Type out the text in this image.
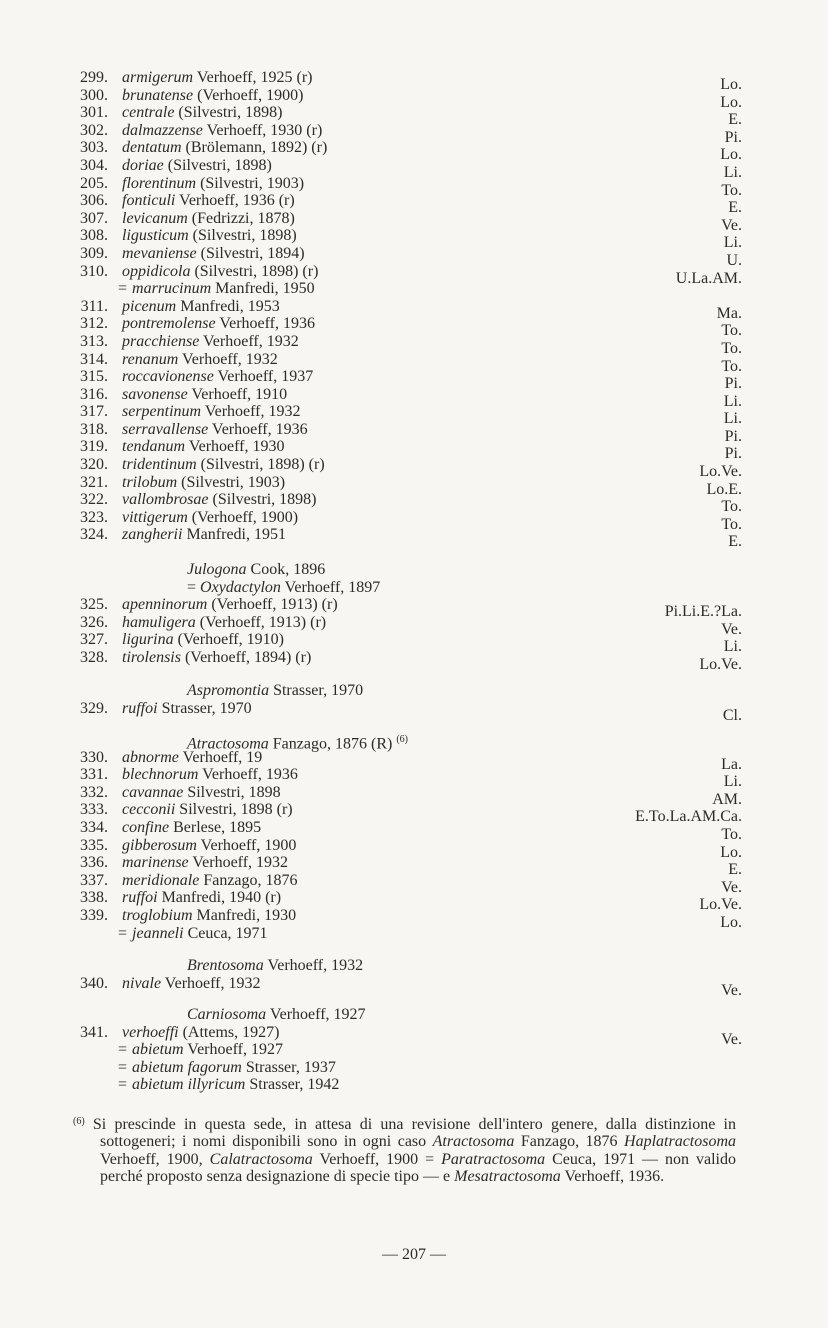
299. armigerum Verhoeff, 1925 (r)	Lo.
300. brunatense (Verhoeff, 1900)	Lo.
301. centrale (Silvestri, 1898)	E.
302. dalmazzense Verhoeff, 1930 (r)	Pi.
303. dentatum (Brölemann, 1892) (r)	Lo.
304. doriae (Silvestri, 1898)	Li.
205. florentinum (Silvestri, 1903)	To.
306. fonticuli Verhoeff, 1936 (r)	E.
307. levicanum (Fedrizzi, 1878)	Ve.
308. ligusticum (Silvestri, 1898)	Li.
309. mevaniense (Silvestri, 1894)	U.
310. oppidicola (Silvestri, 1898) (r)	U.La.AM.
= marrucinum Manfredi, 1950
311. picenum Manfredi, 1953	Ma.
312. pontremolense Verhoeff, 1936	To.
313. pracchiense Verhoeff, 1932	To.
314. renanum Verhoeff, 1932	To.
315. roccavionense Verhoeff, 1937	Pi.
316. savonense Verhoeff, 1910	Li.
317. serpentinum Verhoeff, 1932	Li.
318. serravallense Verhoeff, 1936	Pi.
319. tendanum Verhoeff, 1930	Pi.
320. tridentinum (Silvestri, 1898) (r)	Lo.Ve.
321. trilobum (Silvestri, 1903)	Lo.E.
322. vallombrosae (Silvestri, 1898)	To.
323. vittigerum (Verhoeff, 1900)	To.
324. zangherii Manfredi, 1951	E.
Julogona Cook, 1896
= Oxydactylon Verhoeff, 1897
325. apenninorum (Verhoeff, 1913) (r)	Pi.Li.E.?La.
326. hamuligera (Verhoeff, 1913) (r)	Ve.
327. ligurina (Verhoeff, 1910)	Li.
328. tirolensis (Verhoeff, 1894) (r)	Lo.Ve.
Aspromontia Strasser, 1970
329. ruffoi Strasser, 1970	Cl.
Atractosoma Fanzago, 1876 (R) $^{(6)}$
330. abnorme Verhoeff, 19	La.
331. blechnorum Verhoeff, 1936	Li.
332. cavannae Silvestri, 1898	AM.
333. cecconii Silvestri, 1898 (r)	E.To.La.AM.Ca.
334. confine Berlese, 1895	To.
335. gibberosum Verhoeff, 1900	Lo.
336. marinense Verhoeff, 1932	E.
337. meridionale Fanzago, 1876	Ve.
338. ruffoi Manfredi, 1940 (r)	Lo.Ve.
339. troglobium Manfredi, 1930	Lo.
= jeanneli Ceuca, 1971
Brentosoma Verhoeff, 1932
340. nivale Verhoeff, 1932	Ve.
Carniosoma Verhoeff, 1927
341. verhoeffi (Attems, 1927)	Ve.
= abietum Verhoeff, 1927
= abietum fagorum Strasser, 1937
= abietum illyricum Strasser, 1942

$^{(6)}$ Si prescinde in questa sede, in attesa di una revisione dell'intero genere, dalla distinzione in sottogeneri; i nomi disponibili sono in ogni caso Atractosoma Fanzago, 1876 Haplatractosoma Verhoeff, 1900, Calatractosoma Verhoeff, 1900 = Paratractosoma Ceuca, 1971 — non valido perché proposto senza designazione di specie tipo — e Mesatractosoma Verhoeff, 1936.

— 207 —
